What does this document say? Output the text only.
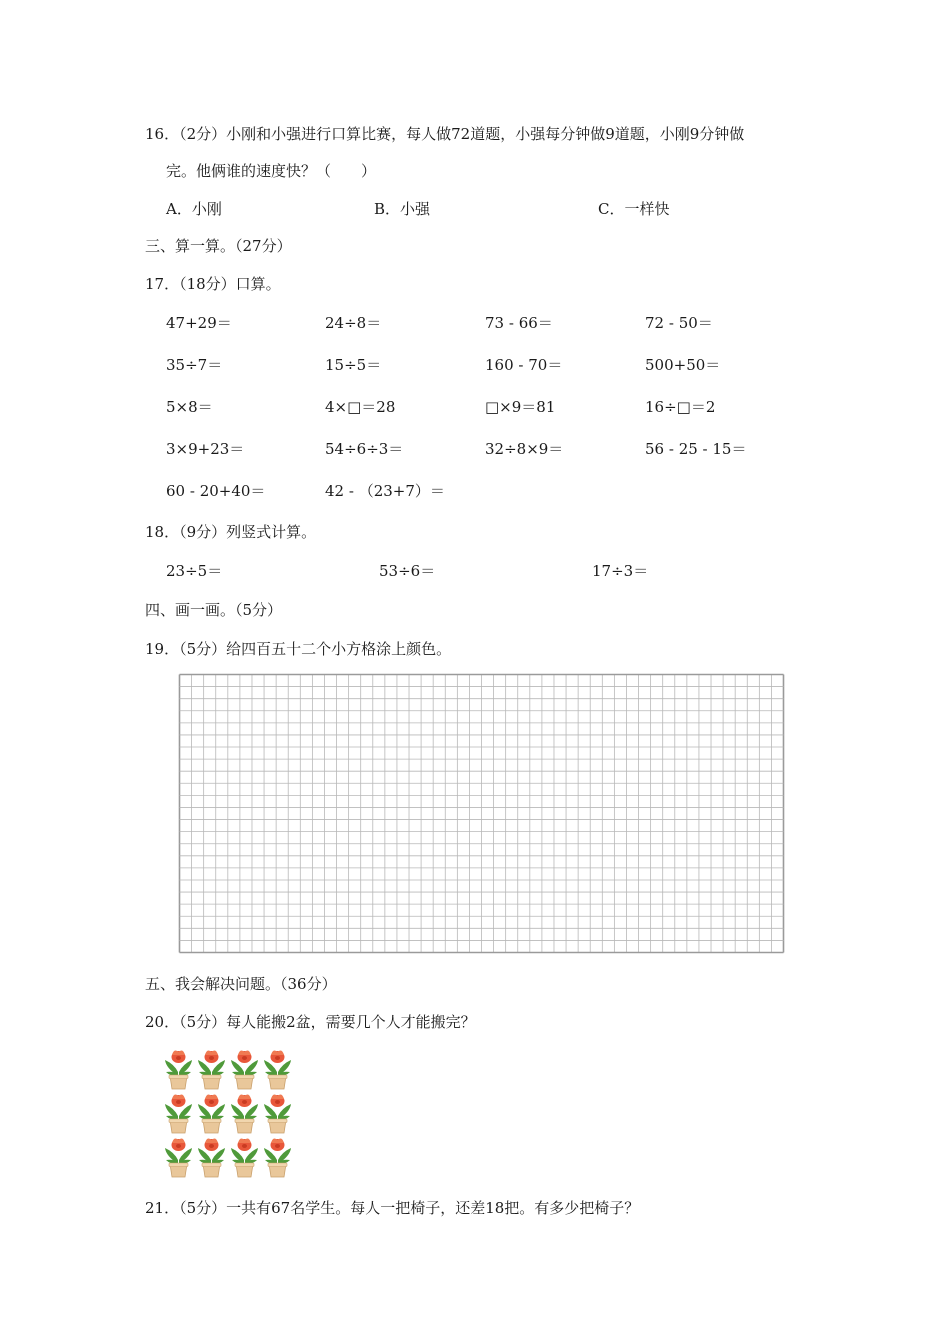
16．（2分）小刚和小强进行口算比赛，每人做72道题，小强每分钟做9道题，小刚9分钟做
完。他俩谁的速度快？（　　）
A．小刚	B．小强	C．一样快
三、算一算。（27分）
17．（18分）口算。
47+29＝	24÷8＝	73 - 66＝	72 - 50＝
35÷7＝	15÷5＝	160 - 70＝	500+50＝
5×8＝	4×□＝28	□×9＝81	16÷□＝2
3×9+23＝	54÷6÷3＝	32÷8×9＝	56 - 25 - 15＝
60 - 20+40＝	42 - （23+7）＝
18．（9分）列竖式计算。
23÷5＝	53÷6＝	17÷3＝
四、画一画。（5分）
19．（5分）给四百五十二个小方格涂上颜色。
五、我会解决问题。（36分）
20．（5分）每人能搬2盆，需要几个人才能搬完？
21．（5分）一共有67名学生。每人一把椅子，还差18把。有多少把椅子？
